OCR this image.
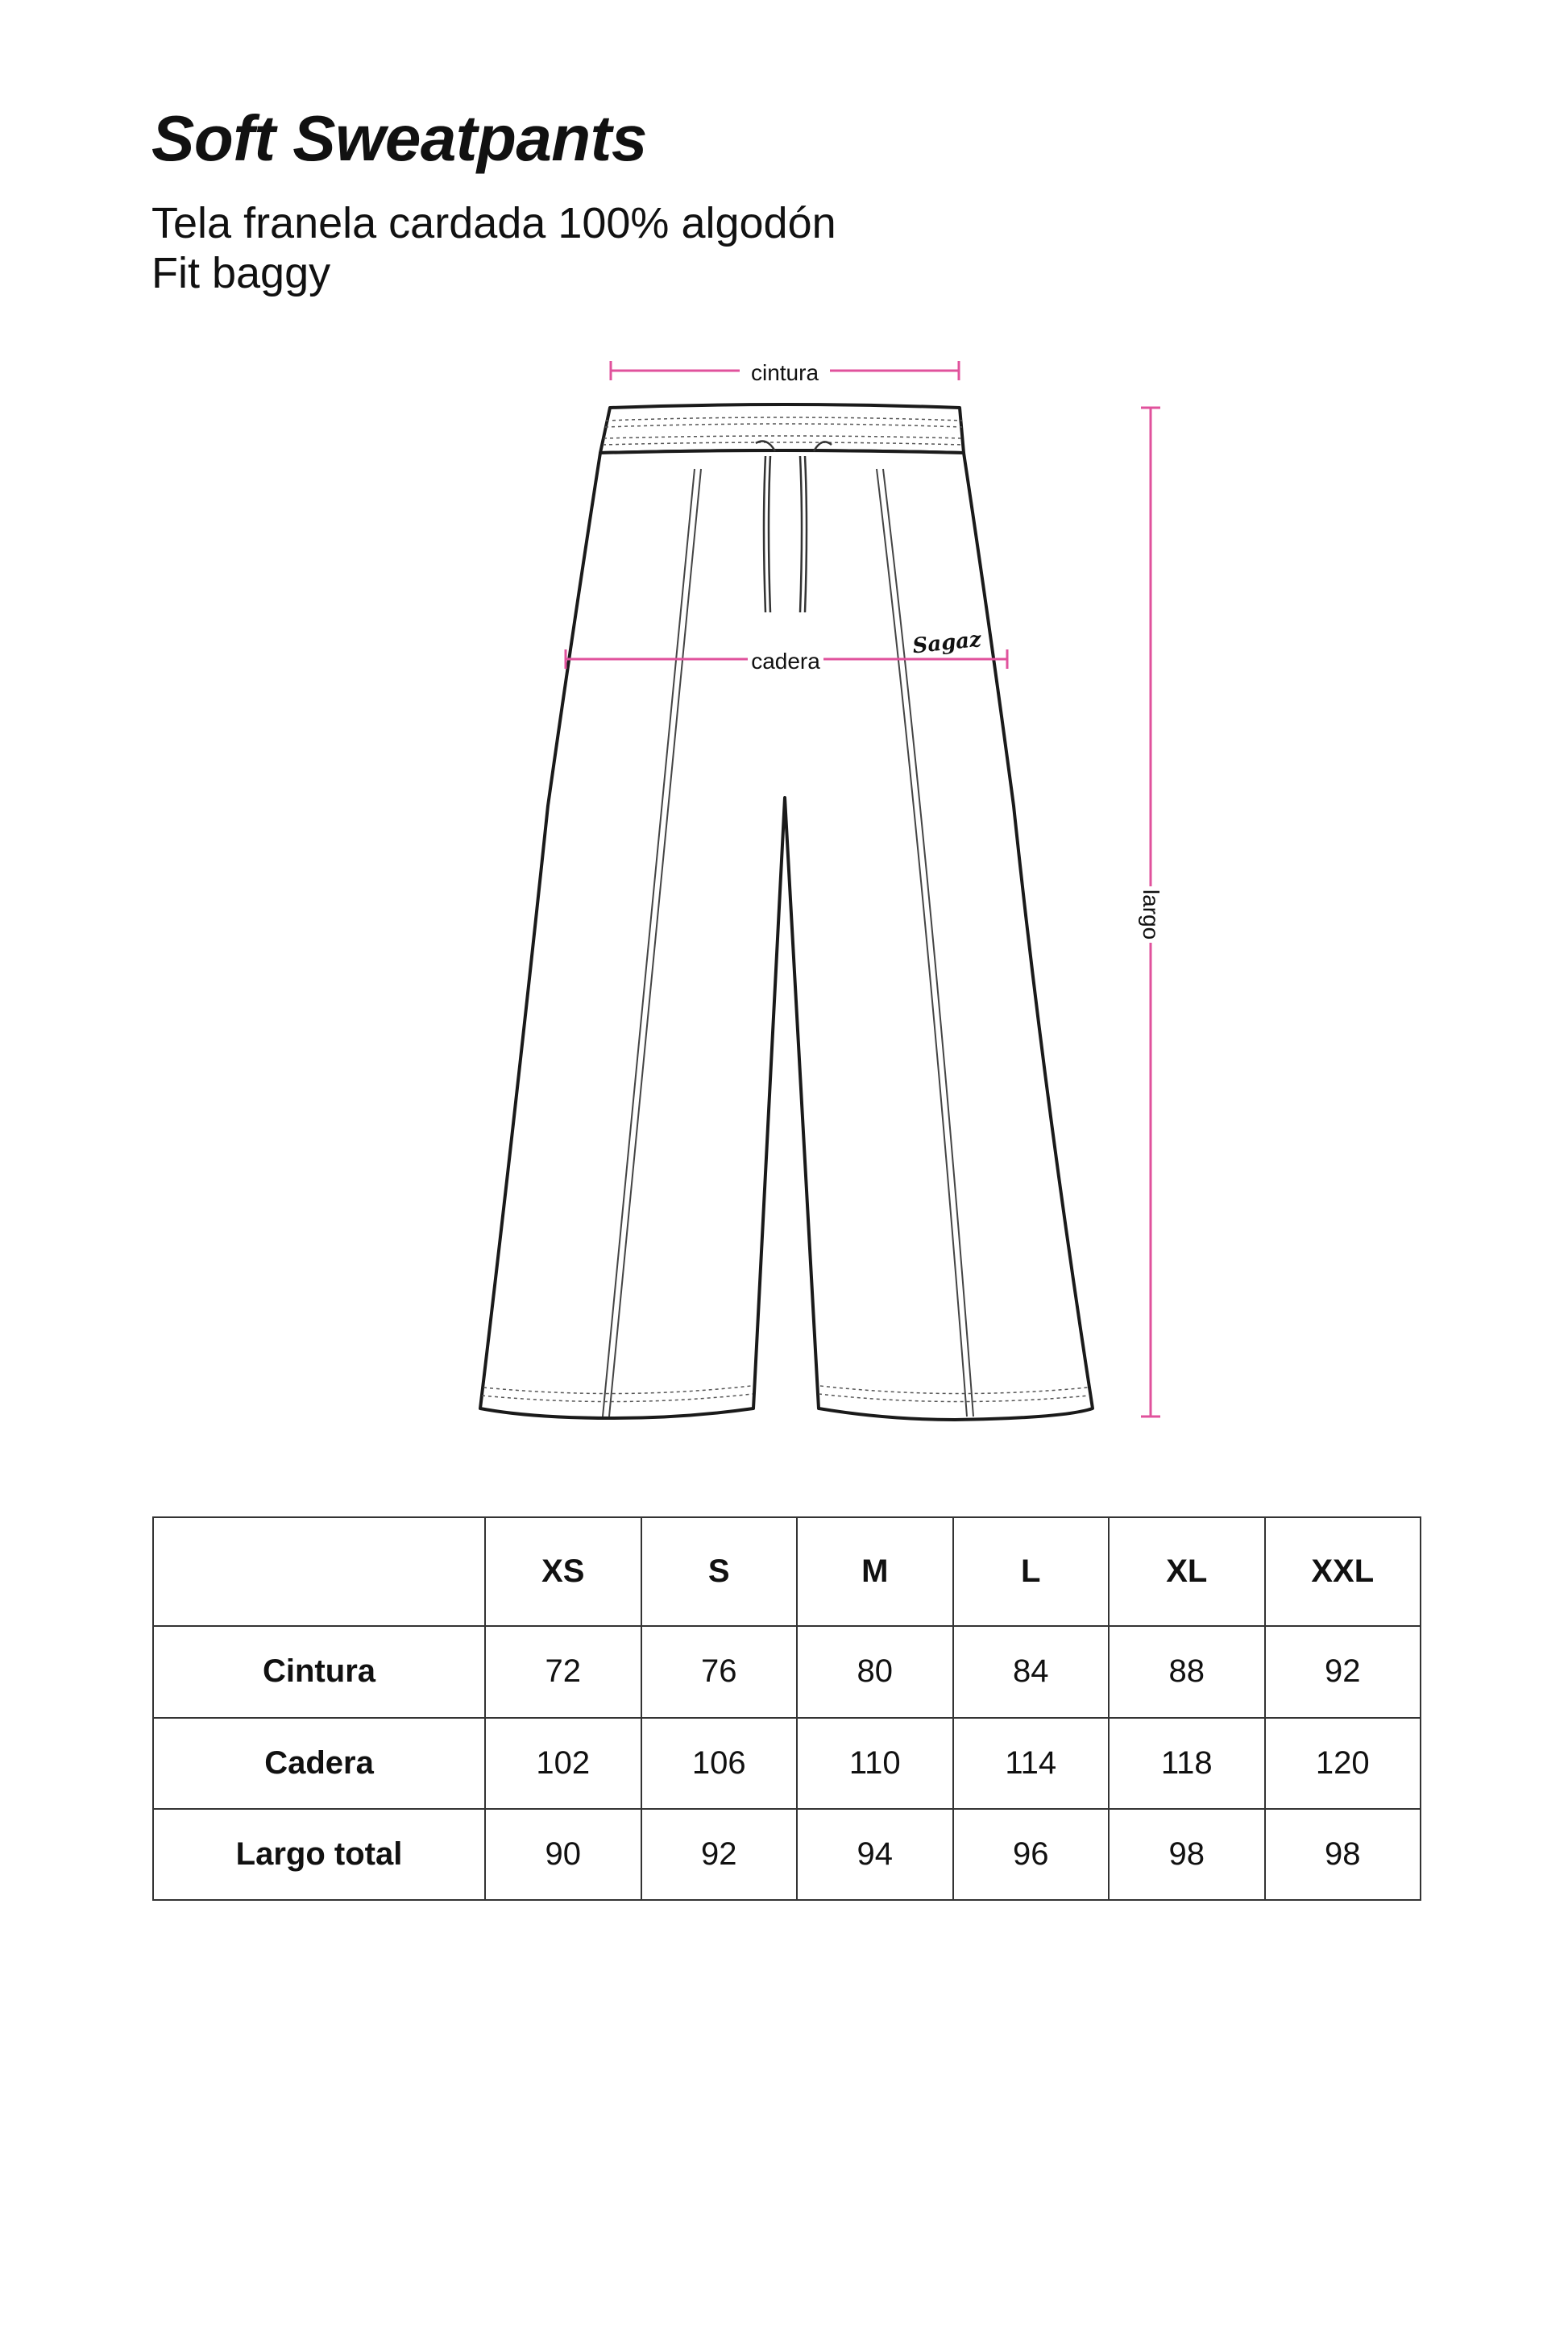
Soft Sweatpants

Tela franela cardada 100% algodón

Fit baggy

cintura
Sagaz
cadera
largo
	XS	S	M	L	XL	XXL
Cintura	72	76	80	84	88	92
Cadera	102	106	110	114	118	120
Largo total	90	92	94	96	98	98
